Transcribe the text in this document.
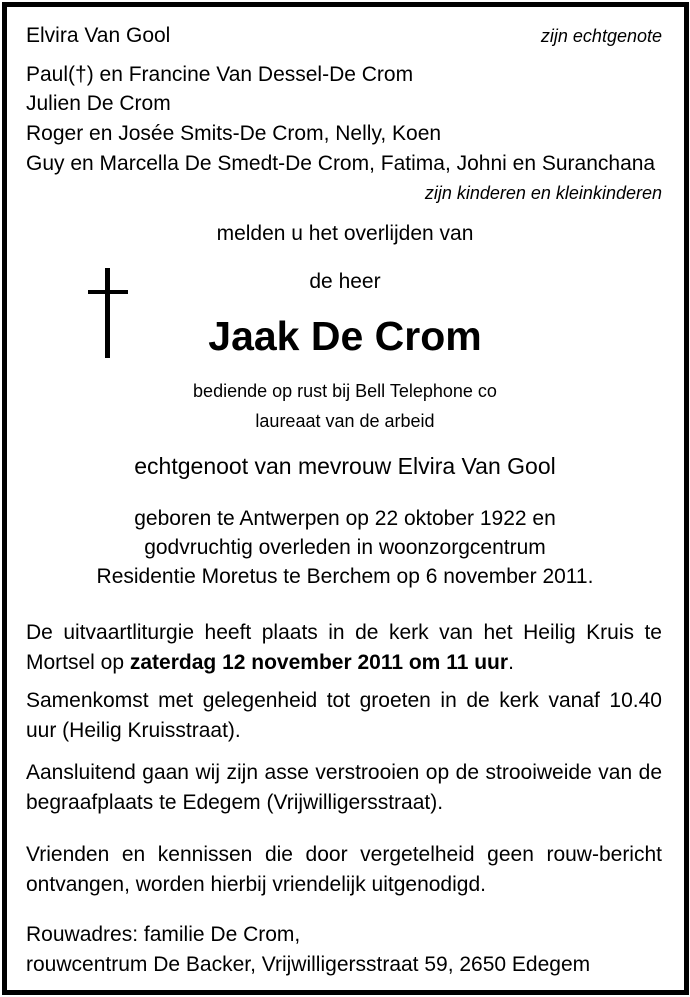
Elvira Van Gool	zijn echtgenote
Paul(†) en Francine Van Dessel-De Crom
Julien De Crom
Roger en Josée Smits-De Crom, Nelly, Koen
Guy en Marcella De Smedt-De Crom, Fatima, Johni en Suranchana
zijn kinderen en kleinkinderen
melden u het overlijden van
de heer
Jaak De Crom
bediende op rust bij Bell Telephone co
laureaat van de arbeid
echtgenoot van mevrouw Elvira Van Gool
geboren te Antwerpen op 22 oktober 1922 en
godvruchtig overleden in woonzorgcentrum
Residentie Moretus te Berchem op 6 november 2011.
De uitvaartliturgie heeft plaats in de kerk van het Heilig Kruis te Mortsel op zaterdag 12 november 2011 om 11 uur.
Samenkomst met gelegenheid tot groeten in de kerk vanaf 10.40 uur (Heilig Kruisstraat).
Aansluitend gaan wij zijn asse verstrooien op de strooiweide van de begraafplaats te Edegem (Vrijwilligersstraat).
Vrienden en kennissen die door vergetelheid geen rouw-bericht ontvangen, worden hierbij vriendelijk uitgenodigd.
Rouwadres: familie De Crom,
rouwcentrum De Backer, Vrijwilligersstraat 59, 2650 Edegem
